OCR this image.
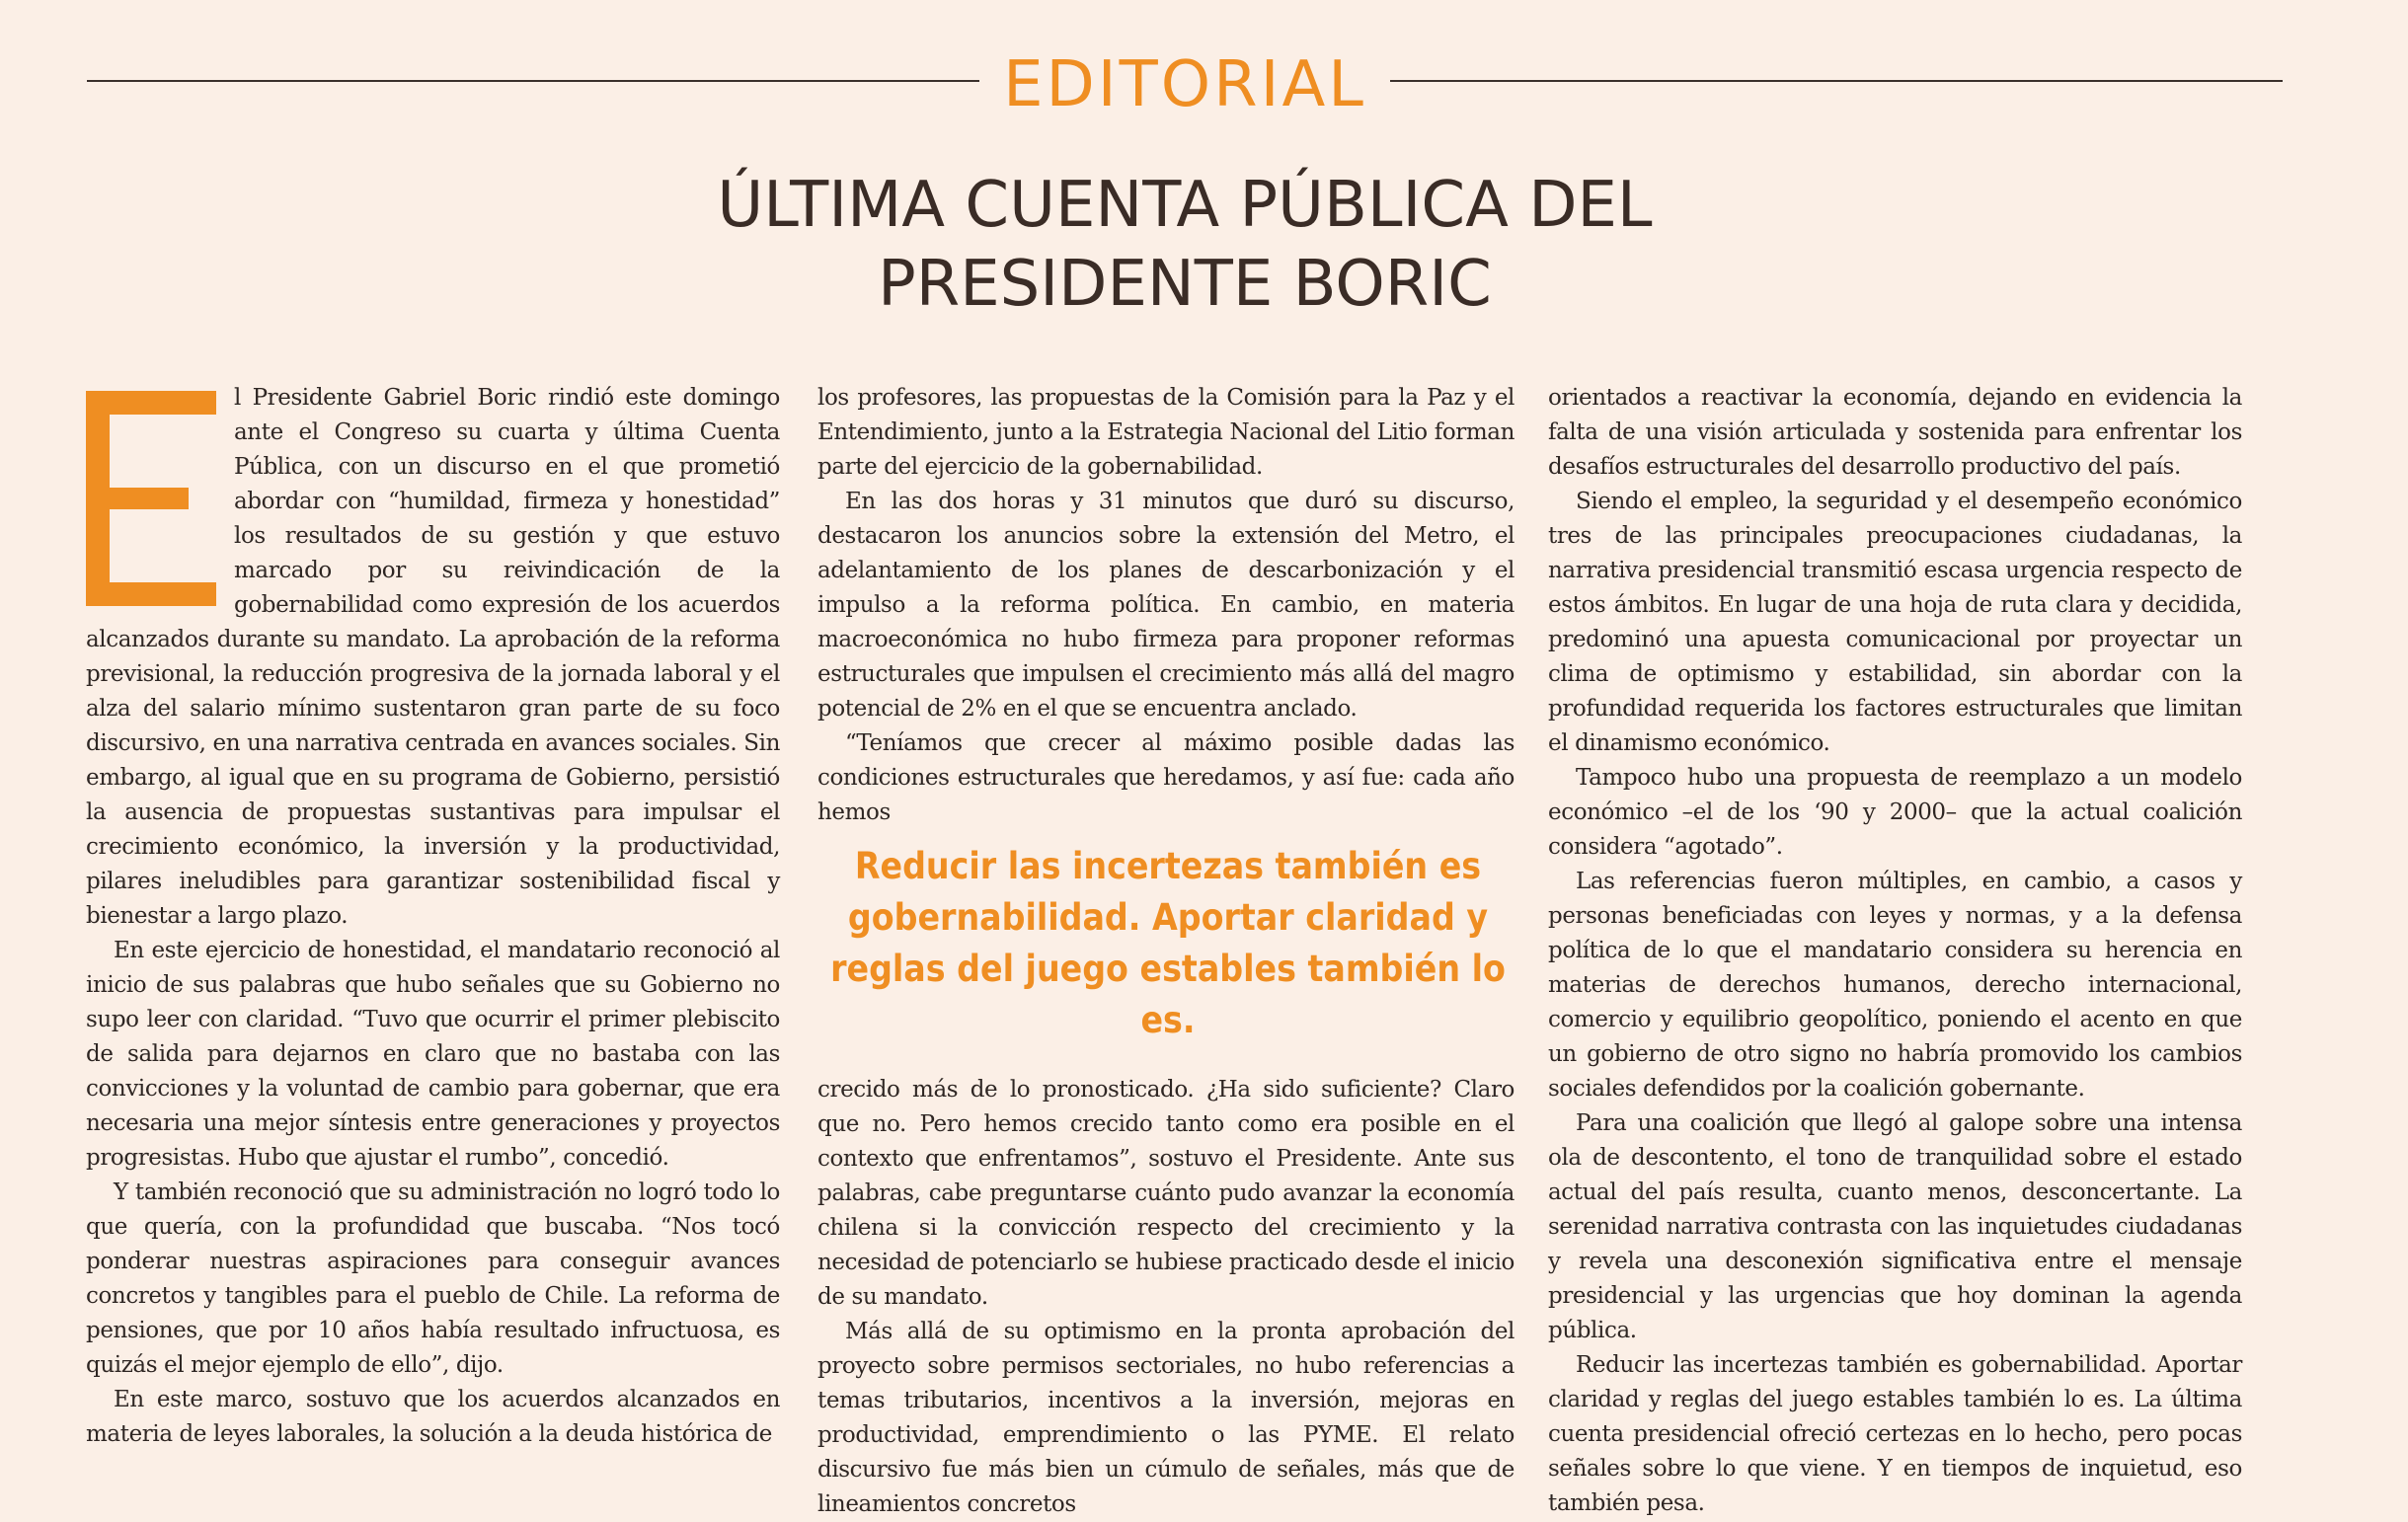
EDITORIAL
ÚLTIMA CUENTA PÚBLICA DEL
PRESIDENTE BORIC

l Presidente Gabriel Boric rindió este domingo ante el Congreso su cuarta y última Cuenta Pública, con un discurso en el que prometió abordar con “humildad, firmeza y honestidad” los resultados de su gestión y que estuvo marcado por su reivindicación de la gobernabilidad como expresión de los acuerdos alcanzados durante su mandato. La aprobación de la reforma previsional, la reducción progresiva de la jornada laboral y el alza del salario mínimo sustentaron gran parte de su foco discursivo, en una narrativa centrada en avances sociales. Sin embargo, al igual que en su programa de Gobierno, persistió la ausencia de propuestas sustantivas para impulsar el crecimiento económico, la inversión y la productividad, pilares ineludibles para garantizar sostenibilidad fiscal y bienestar a largo plazo.

En este ejercicio de honestidad, el mandatario reconoció al inicio de sus palabras que hubo señales que su Gobierno no supo leer con claridad. “Tuvo que ocurrir el primer plebiscito de salida para dejarnos en claro que no bastaba con las convicciones y la voluntad de cambio para gobernar, que era necesaria una mejor síntesis entre generaciones y proyectos progresistas. Hubo que ajustar el rumbo”, concedió.

Y también reconoció que su administración no logró todo lo que quería, con la profundidad que buscaba. “Nos tocó ponderar nuestras aspiraciones para conseguir avances concretos y tangibles para el pueblo de Chile. La reforma de pensiones, que por 10 años había resultado infructuosa, es quizás el mejor ejemplo de ello”, dijo.

En este marco, sostuvo que los acuerdos alcanzados en materia de leyes laborales, la solución a la deuda histórica de

los profesores, las propuestas de la Comisión para la Paz y el Entendimiento, junto a la Estrategia Nacional del Litio forman parte del ejercicio de la gobernabilidad.

En las dos horas y 31 minutos que duró su discurso, destacaron los anuncios sobre la extensión del Metro, el adelantamiento de los planes de descarbonización y el impulso a la reforma política. En cambio, en materia macroeconómica no hubo firmeza para proponer reformas estructurales que impulsen el crecimiento más allá del magro potencial de 2% en el que se encuentra anclado.

“Teníamos que crecer al máximo posible dadas las condiciones estructurales que heredamos, y así fue: cada año hemos

Reducir las incertezas también es gobernabilidad. Aportar claridad y reglas del juego estables también lo es.

crecido más de lo pronosticado. ¿Ha sido suficiente? Claro que no. Pero hemos crecido tanto como era posible en el contexto que enfrentamos”, sostuvo el Presidente. Ante sus palabras, cabe preguntarse cuánto pudo avanzar la economía chilena si la convicción respecto del crecimiento y la necesidad de potenciarlo se hubiese practicado desde el inicio de su mandato.

Más allá de su optimismo en la pronta aprobación del proyecto sobre permisos sectoriales, no hubo referencias a temas tributarios, incentivos a la inversión, mejoras en productividad, emprendimiento o las PYME. El relato discursivo fue más bien un cúmulo de señales, más que de lineamientos concretos

orientados a reactivar la economía, dejando en evidencia la falta de una visión articulada y sostenida para enfrentar los desafíos estructurales del desarrollo productivo del país.

Siendo el empleo, la seguridad y el desempeño económico tres de las principales preocupaciones ciudadanas, la narrativa presidencial transmitió escasa urgencia respecto de estos ámbitos. En lugar de una hoja de ruta clara y decidida, predominó una apuesta comunicacional por proyectar un clima de optimismo y estabilidad, sin abordar con la profundidad requerida los factores estructurales que limitan el dinamismo económico.

Tampoco hubo una propuesta de reemplazo a un modelo económico –el de los ‘90 y 2000– que la actual coalición considera “agotado”.

Las referencias fueron múltiples, en cambio, a casos y personas beneficiadas con leyes y normas, y a la defensa política de lo que el mandatario considera su herencia en materias de derechos humanos, derecho internacional, comercio y equilibrio geopolítico, poniendo el acento en que un gobierno de otro signo no habría promovido los cambios sociales defendidos por la coalición gobernante.

Para una coalición que llegó al galope sobre una intensa ola de descontento, el tono de tranquilidad sobre el estado actual del país resulta, cuanto menos, desconcertante. La serenidad narrativa contrasta con las inquietudes ciudadanas y revela una desconexión significativa entre el mensaje presidencial y las urgencias que hoy dominan la agenda pública.

Reducir las incertezas también es gobernabilidad. Aportar claridad y reglas del juego estables también lo es. La última cuenta presidencial ofreció certezas en lo hecho, pero pocas señales sobre lo que viene. Y en tiempos de inquietud, eso también pesa.
